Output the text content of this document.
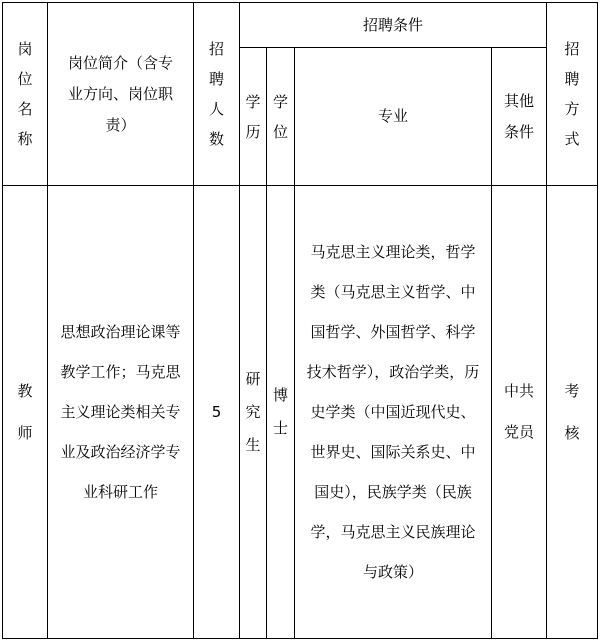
岗位名称	岗位简介（含专业方向、岗位职责）	招聘人数	招聘条件				招聘方式

			学历	学位	专业	其他条件	

教师	思想政治理论课等教学工作；马克思主义理论类相关专业及政治经济学专业科研工作	5	研究生	博士	马克思主义理论类，哲学类（马克思主义哲学、中国哲学、外国哲学、科学技术哲学），政治学类，历史学类（中国近现代史、世界史、国际关系史、中国史），民族学类（民族学，马克思主义民族理论与政策）	中共党员	考核
